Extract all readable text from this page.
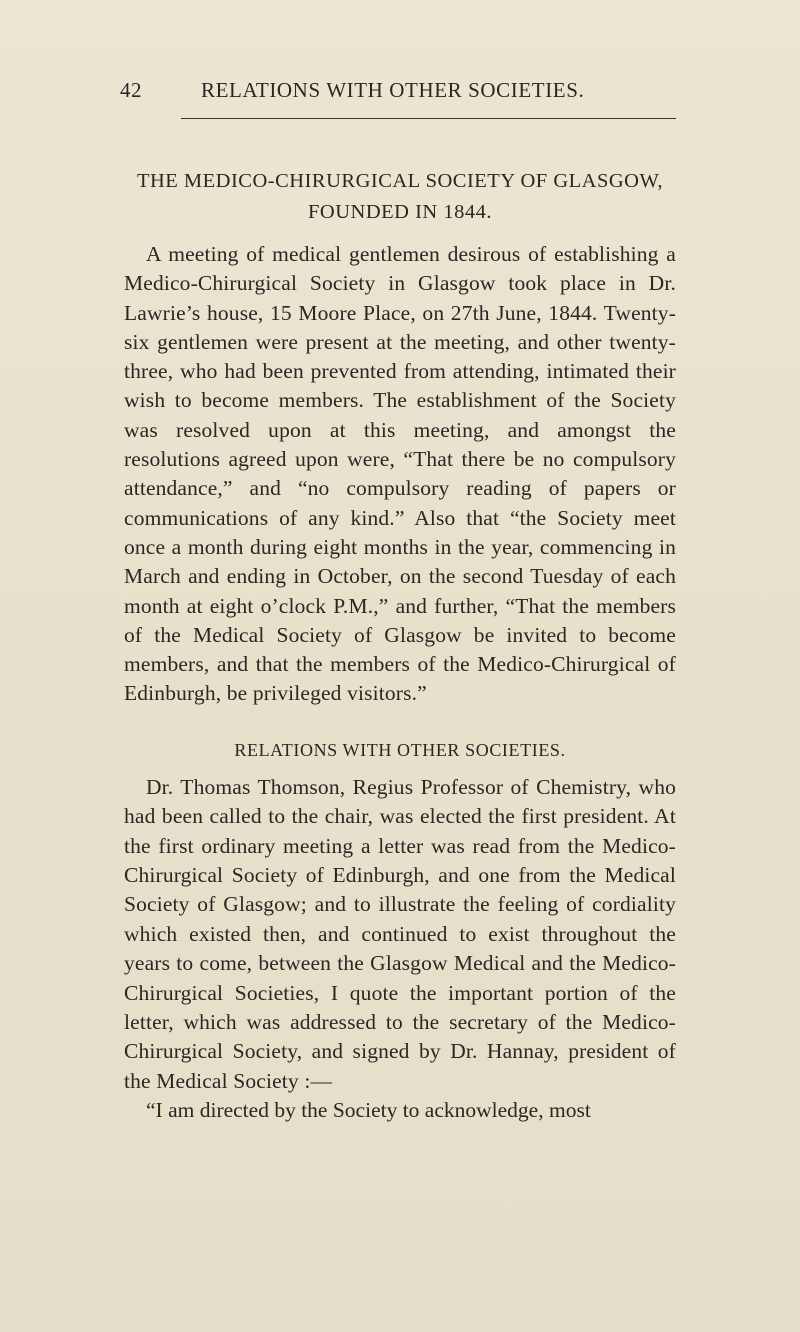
42	RELATIONS WITH OTHER SOCIETIES.
THE MEDICO-CHIRURGICAL SOCIETY OF GLASGOW,
FOUNDED IN 1844.

A meeting of medical gentlemen desirous of establishing a Medico-Chirurgical Society in Glasgow took place in Dr. Lawrie’s house, 15 Moore Place, on 27th June, 1844. Twenty-six gentlemen were present at the meeting, and other twenty-three, who had been prevented from attending, intimated their wish to become members. The establishment of the Society was resolved upon at this meeting, and amongst the resolutions agreed upon were, “That there be no compulsory attendance,” and “no compulsory reading of papers or communications of any kind.” Also that “the Society meet once a month during eight months in the year, commencing in March and ending in October, on the second Tuesday of each month at eight o’clock P.M.,” and further, “That the members of the Medical Society of Glasgow be invited to become members, and that the members of the Medico-Chirurgical of Edinburgh, be privileged visitors.”

RELATIONS WITH OTHER SOCIETIES.

Dr. Thomas Thomson, Regius Professor of Chemistry, who had been called to the chair, was elected the first president. At the first ordinary meeting a letter was read from the Medico-Chirurgical Society of Edinburgh, and one from the Medical Society of Glasgow; and to illustrate the feeling of cordiality which existed then, and continued to exist throughout the years to come, between the Glasgow Medical and the Medico-Chirurgical Societies, I quote the important portion of the letter, which was addressed to the secretary of the Medico-Chirurgical Society, and signed by Dr. Hannay, president of the Medical Society :—

“I am directed by the Society to acknowledge, most
